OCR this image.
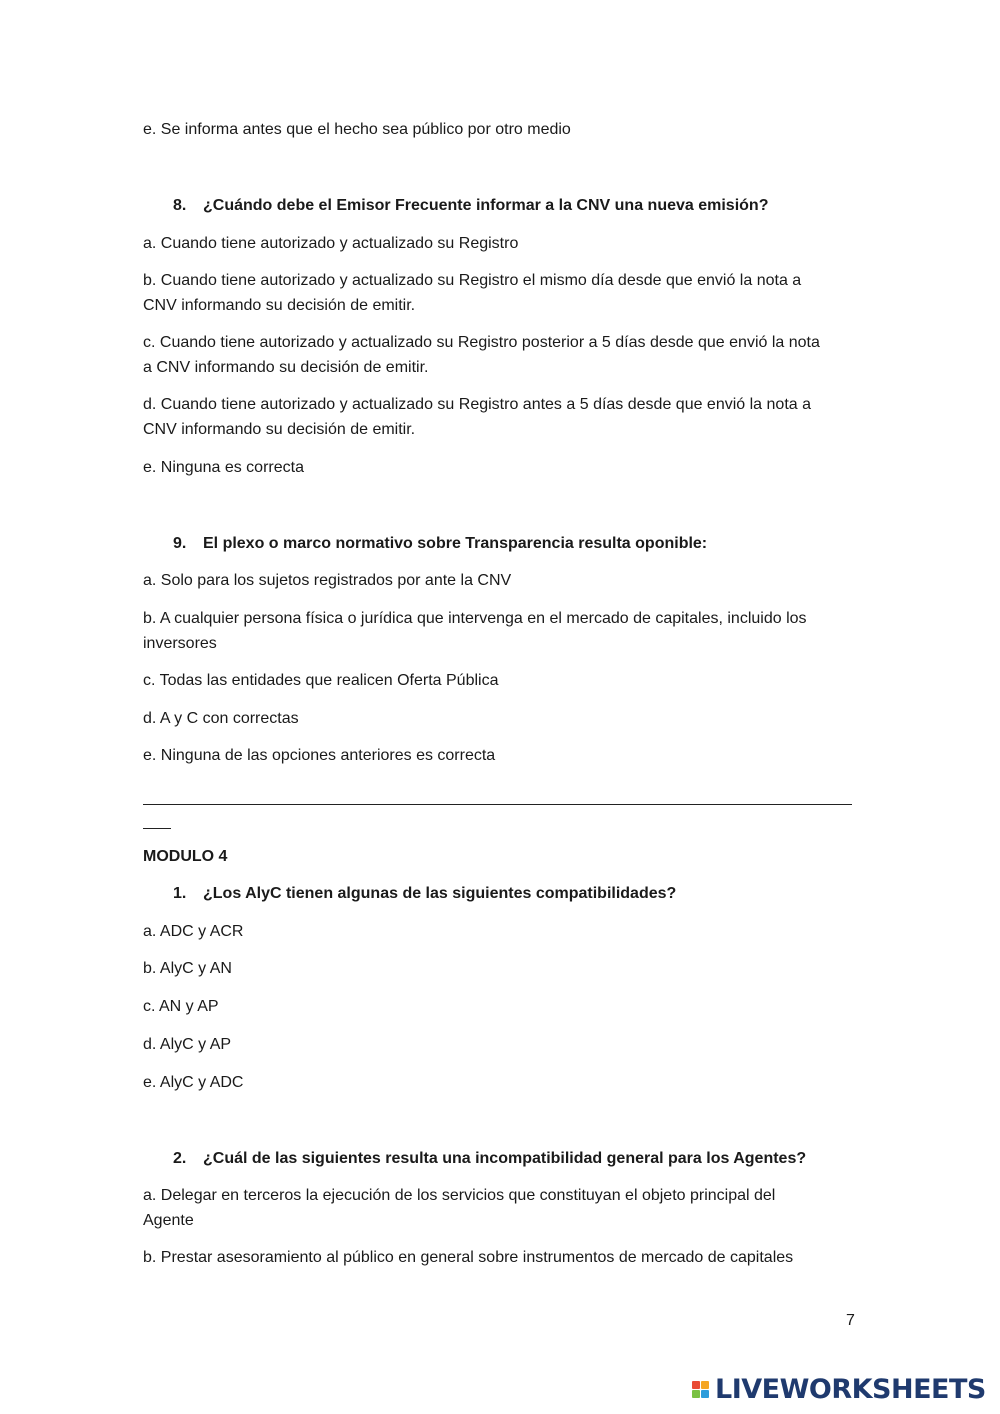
e. Se informa antes que el hecho sea público por otro medio

8. ¿Cuándo debe el Emisor Frecuente informar a la CNV una nueva emisión?

a. Cuando tiene autorizado y actualizado su Registro

b. Cuando tiene autorizado y actualizado su Registro el mismo día desde que envió la nota a

CNV informando su decisión de emitir.

c. Cuando tiene autorizado y actualizado su Registro posterior a 5 días desde que envió la nota

a CNV informando su decisión de emitir.

d. Cuando tiene autorizado y actualizado su Registro antes a 5 días desde que envió la nota a

CNV informando su decisión de emitir.

e. Ninguna es correcta

9. El plexo o marco normativo sobre Transparencia resulta oponible:

a. Solo para los sujetos registrados por ante la CNV

b. A cualquier persona física o jurídica que intervenga en el mercado de capitales, incluido los

inversores

c. Todas las entidades que realicen Oferta Pública

d. A y C con correctas

e. Ninguna de las opciones anteriores es correcta

MODULO 4

1. ¿Los AlyC tienen algunas de las siguientes compatibilidades?

a. ADC y ACR

b. AlyC y AN

c. AN y AP

d. AlyC y AP

e. AlyC y ADC

2. ¿Cuál de las siguientes resulta una incompatibilidad general para los Agentes?

a. Delegar en terceros la ejecución de los servicios que constituyan el objeto principal del

Agente

b. Prestar asesoramiento al público en general sobre instrumentos de mercado de capitales

7
LIVEWORKSHEETS
